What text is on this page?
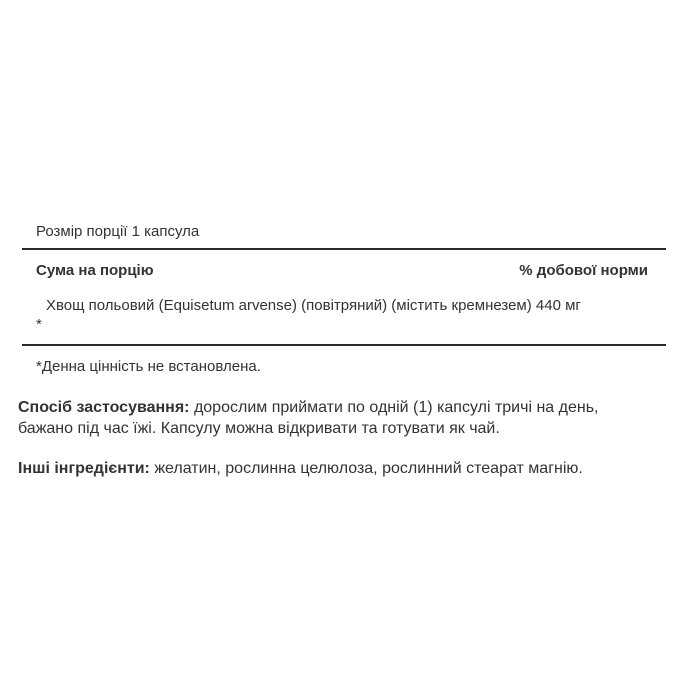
Розмір порції 1 капсула
Сума на порцію	% добової норми
Хвощ польовий (Equisetum arvense) (повітряний) (містить кремнезем) 440 мг
*
*Денна цінність не встановлена.
Спосіб застосування: дорослим приймати по одній (1) капсулі тричі на день,
бажано під час їжі. Капсулу можна відкривати та готувати як чай.
Інші інгредієнти: желатин, рослинна целюлоза, рослинний стеарат магнію.
